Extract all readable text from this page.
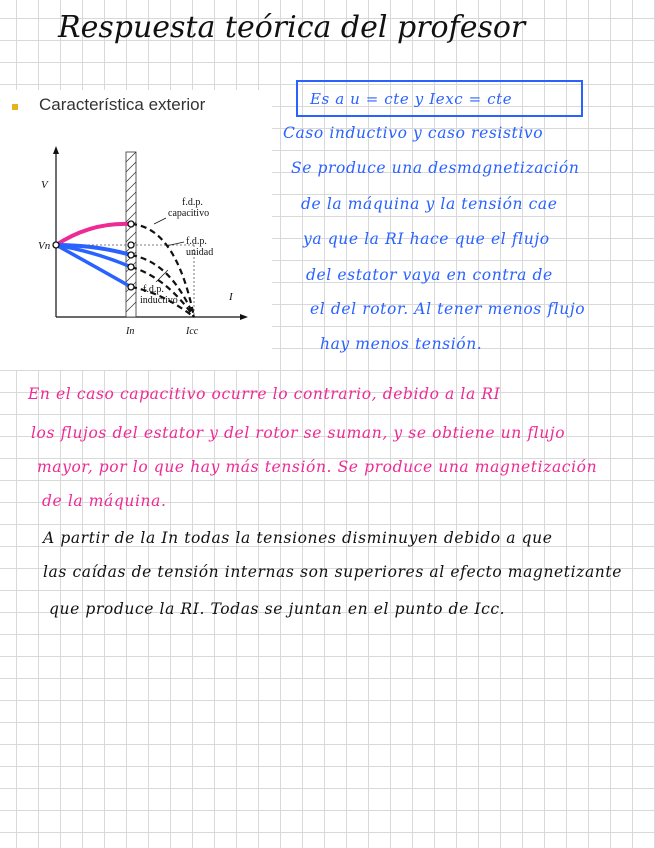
Respuesta teórica del profesor
Característica exterior
V
Vn
I
In	Icc
f.d.p.
capacitivo
f.d.p.
unidad
f.d.p.
inductivo
Es a u = cte y Iexc = cte
Caso inductivo y caso resistivo
Se produce una desmagnetización
de la máquina y la tensión cae
ya que la RI hace que el flujo
del estator vaya en contra de
el del rotor. Al tener menos flujo
hay menos tensión.
En el caso capacitivo ocurre lo contrario, debido a la RI
los flujos del estator y del rotor se suman, y se obtiene un flujo
mayor, por lo que hay más tensión. Se produce una magnetización
de la máquina.
A partir de la In todas la tensiones disminuyen debido a que
las caídas de tensión internas son superiores al efecto magnetizante
que produce la RI. Todas se juntan en el punto de Icc.
